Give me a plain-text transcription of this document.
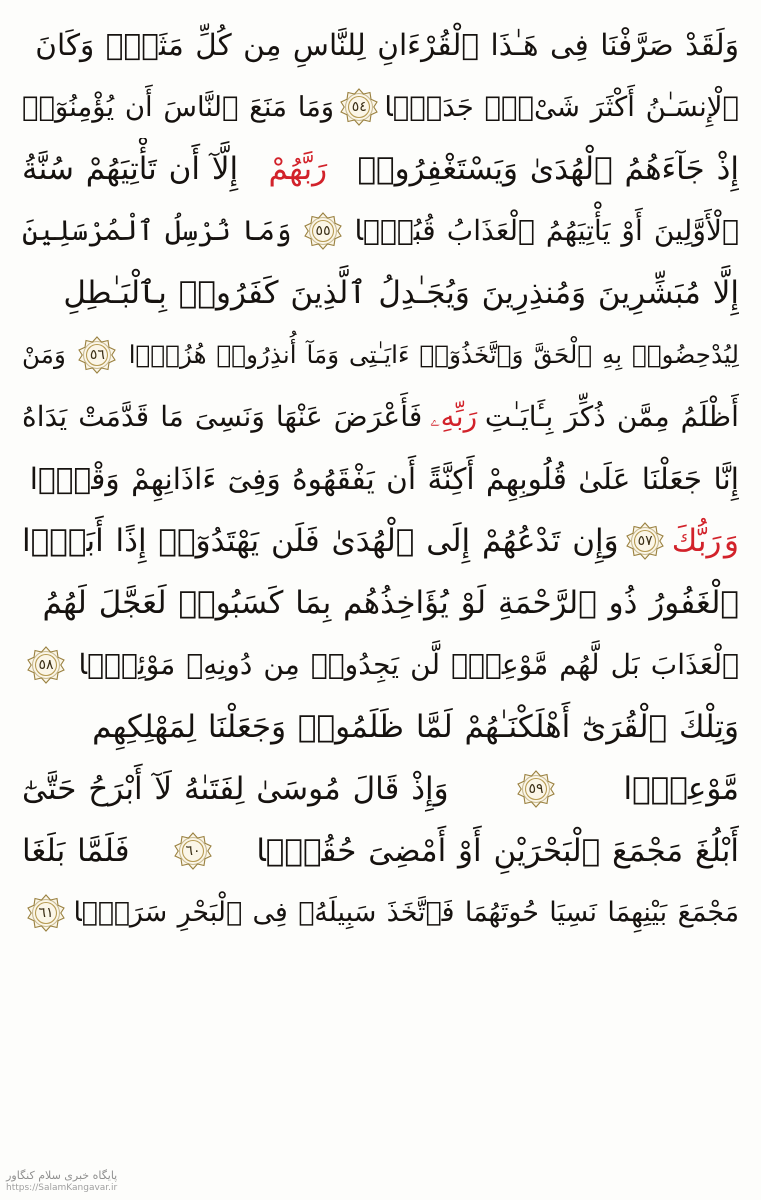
وَلَقَدْ صَرَّفْنَا فِى هَـٰذَا ٱلْقُرْءَانِ لِلنَّاسِ مِن كُلِّ مَثَلٍۢ وَكَانَ
ٱلْإِنسَـٰنُ أَكْثَرَ شَىْءٍۢ جَدَلًۭا
٥٤
وَمَا مَنَعَ ٱلنَّاسَ أَن يُؤْمِنُوٓا۟
إِذْ جَآءَهُمُ ٱلْهُدَىٰ وَيَسْتَغْفِرُوا۟
رَبَّهُمْ
إِلَّآ أَن تَأْتِيَهُمْ سُنَّةُ
ٱلْأَوَّلِينَ أَوْ يَأْتِيَهُمُ ٱلْعَذَابُ قُبُلًۭا
٥٥
وَمَا نُرْسِلُ ٱلْمُرْسَلِينَ
إِلَّا مُبَشِّرِينَ وَمُنذِرِينَ وَيُجَـٰدِلُ ٱلَّذِينَ كَفَرُوا۟ بِٱلْبَـٰطِلِ
لِيُدْحِضُوا۟ بِهِ ٱلْحَقَّ وَٱتَّخَذُوٓا۟ ءَايَـٰتِى وَمَآ أُنذِرُوا۟ هُزُوًۭا
٥٦
وَمَنْ
أَظْلَمُ مِمَّن ذُكِّرَ بِـَٔايَـٰتِ
رَبِّهِۦ
فَأَعْرَضَ عَنْهَا وَنَسِىَ مَا قَدَّمَتْ يَدَاهُ
إِنَّا جَعَلْنَا عَلَىٰ قُلُوبِهِمْ أَكِنَّةً أَن يَفْقَهُوهُ وَفِىٓ ءَاذَانِهِمْ وَقْرًۭا
وَ
رَبُّكَ
٥٧
وَإِن تَدْعُهُمْ إِلَى ٱلْهُدَىٰ فَلَن يَهْتَدُوٓا۟ إِذًا أَبَدًۭا
ٱلْغَفُورُ ذُو ٱلرَّحْمَةِ لَوْ يُؤَاخِذُهُم بِمَا كَسَبُوا۟ لَعَجَّلَ لَهُمُ
ٱلْعَذَابَ بَل لَّهُم مَّوْعِدٌۭ لَّن يَجِدُوا۟ مِن دُونِهِۦ مَوْئِلًۭا
٥٨
وَتِلْكَ ٱلْقُرَىٰٓ أَهْلَكْنَـٰهُمْ لَمَّا ظَلَمُوا۟ وَجَعَلْنَا لِمَهْلِكِهِم
مَّوْعِدًۭا
٥٩
وَإِذْ قَالَ مُوسَىٰ لِفَتَىٰهُ لَآ أَبْرَحُ حَتَّىٰٓ
أَبْلُغَ مَجْمَعَ ٱلْبَحْرَيْنِ أَوْ أَمْضِىَ حُقُبًۭا
٦٠
فَلَمَّا بَلَغَا
مَجْمَعَ بَيْنِهِمَا نَسِيَا حُوتَهُمَا فَٱتَّخَذَ سَبِيلَهُۥ فِى ٱلْبَحْرِ سَرَبًۭا
٦١
پایگاه خبری سلام کنگاور
https://SalamKangavar.ir
